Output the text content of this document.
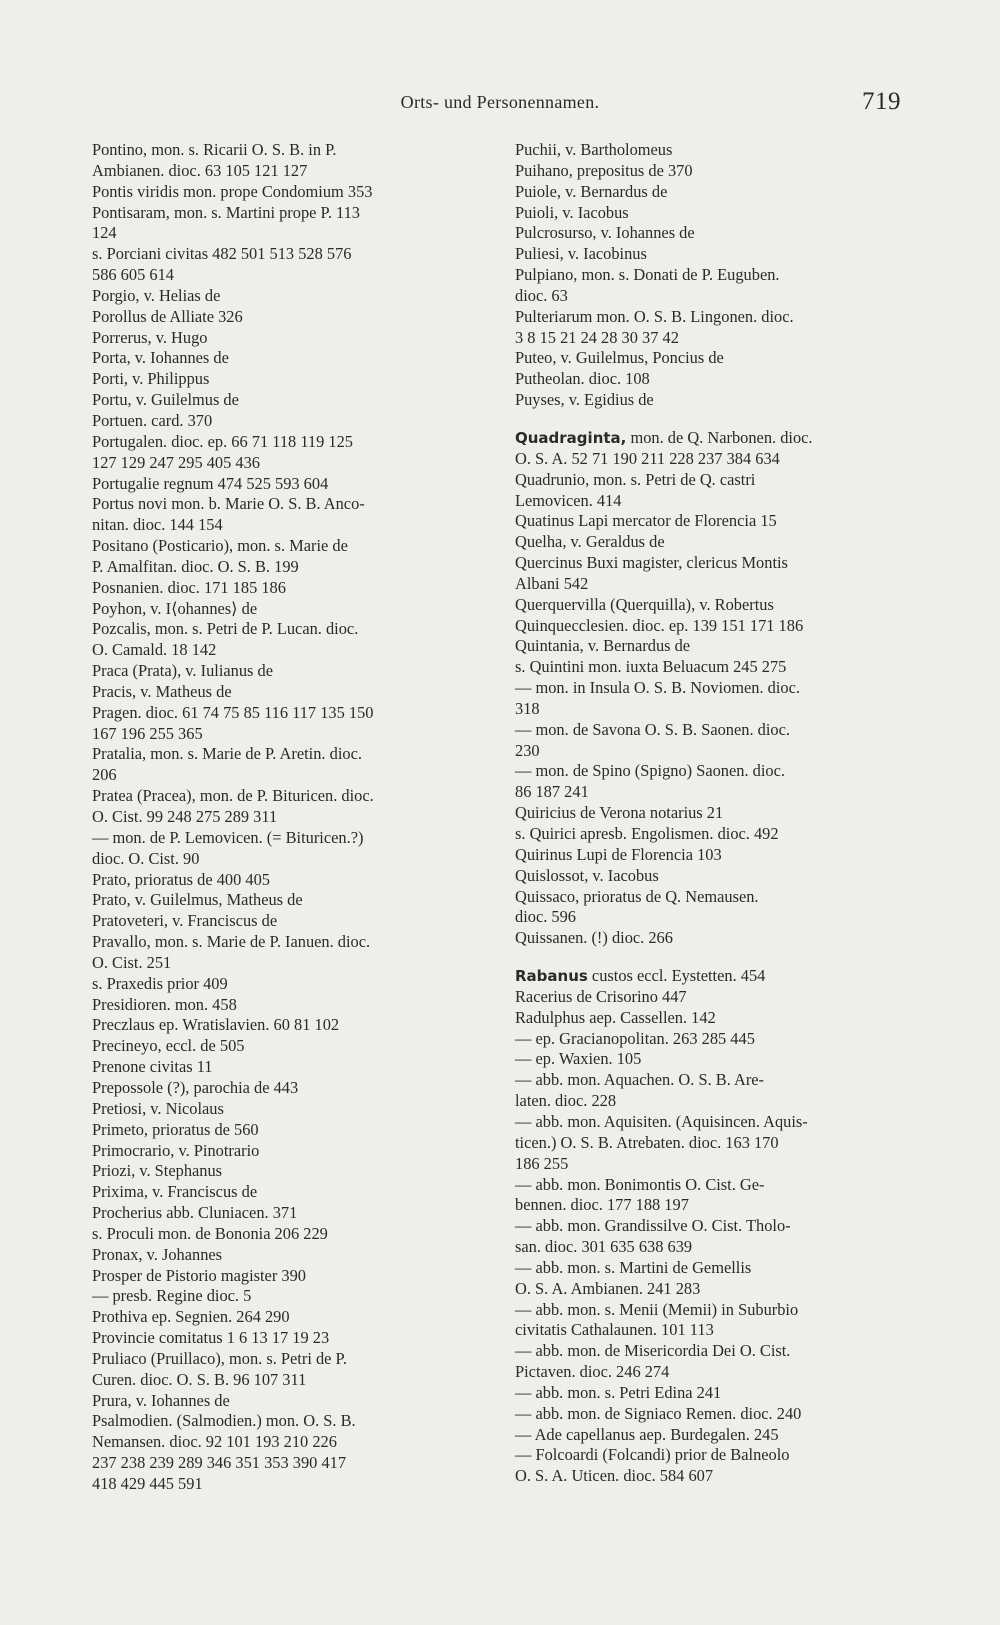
Orts- und Personennamen.	719

Pontino, mon. s. Ricarii O. S. B. in P.
Ambianen. dioc. 63 105 121 127

Pontis viridis mon. prope Condomium 353

Pontisaram, mon. s. Martini prope P. 113
124

s. Porciani civitas 482 501 513 528 576
586 605 614

Porgio, v. Helias de

Porollus de Alliate 326

Porrerus, v. Hugo

Porta, v. Iohannes de

Porti, v. Philippus

Portu, v. Guilelmus de

Portuen. card. 370

Portugalen. dioc. ep. 66 71 118 119 125
127 129 247 295 405 436

Portugalie regnum 474 525 593 604

Portus novi mon. b. Marie O. S. B. Anco-
nitan. dioc. 144 154

Positano (Posticario), mon. s. Marie de
P. Amalfitan. dioc. O. S. B. 199

Posnanien. dioc. 171 185 186

Poyhon, v. I⟨ohannes⟩ de

Pozcalis, mon. s. Petri de P. Lucan. dioc.
O. Camald. 18 142

Praca (Prata), v. Iulianus de

Pracis, v. Matheus de

Pragen. dioc. 61 74 75 85 116 117 135 150
167 196 255 365

Pratalia, mon. s. Marie de P. Aretin. dioc.
206

Pratea (Pracea), mon. de P. Bituricen. dioc.
O. Cist. 99 248 275 289 311

— mon. de P. Lemovicen. (= Bituricen.?)
dioc. O. Cist. 90

Prato, prioratus de 400 405

Prato, v. Guilelmus, Matheus de

Pratoveteri, v. Franciscus de

Pravallo, mon. s. Marie de P. Ianuen. dioc.
O. Cist. 251

s. Praxedis prior 409

Presidioren. mon. 458

Preczlaus ep. Wratislavien. 60 81 102

Precineyo, eccl. de 505

Prenone civitas 11

Prepossole (?), parochia de 443

Pretiosi, v. Nicolaus

Primeto, prioratus de 560

Primocrario, v. Pinotrario

Priozi, v. Stephanus

Prixima, v. Franciscus de

Procherius abb. Cluniacen. 371

s. Proculi mon. de Bononia 206 229

Pronax, v. Johannes

Prosper de Pistorio magister 390

— presb. Regine dioc. 5

Prothiva ep. Segnien. 264 290

Provincie comitatus 1 6 13 17 19 23

Pruliaco (Pruillaco), mon. s. Petri de P.
Curen. dioc. O. S. B. 96 107 311

Prura, v. Iohannes de

Psalmodien. (Salmodien.) mon. O. S. B.
Nemansen. dioc. 92 101 193 210 226
237 238 239 289 346 351 353 390 417
418 429 445 591

Puchii, v. Bartholomeus

Puihano, prepositus de 370

Puiole, v. Bernardus de

Puioli, v. Iacobus

Pulcrosurso, v. Iohannes de

Puliesi, v. Iacobinus

Pulpiano, mon. s. Donati de P. Euguben.
dioc. 63

Pulteriarum mon. O. S. B. Lingonen. dioc.
3 8 15 21 24 28 30 37 42

Puteo, v. Guilelmus, Poncius de

Putheolan. dioc. 108

Puyses, v. Egidius de

Quadraginta, mon. de Q. Narbonen. dioc.
O. S. A. 52 71 190 211 228 237 384 634

Quadrunio, mon. s. Petri de Q. castri
Lemovicen. 414

Quatinus Lapi mercator de Florencia 15

Quelha, v. Geraldus de

Quercinus Buxi magister, clericus Montis
Albani 542

Querquervilla (Querquilla), v. Robertus

Quinquecclesien. dioc. ep. 139 151 171 186

Quintania, v. Bernardus de

s. Quintini mon. iuxta Beluacum 245 275

— mon. in Insula O. S. B. Noviomen. dioc.
318

— mon. de Savona O. S. B. Saonen. dioc.
230

— mon. de Spino (Spigno) Saonen. dioc.
86 187 241

Quiricius de Verona notarius 21

s. Quirici apresb. Engolismen. dioc. 492

Quirinus Lupi de Florencia 103

Quislossot, v. Iacobus

Quissaco, prioratus de Q. Nemausen.
dioc. 596

Quissanen. (!) dioc. 266

Rabanus custos eccl. Eystetten. 454

Racerius de Crisorino 447

Radulphus aep. Cassellen. 142

— ep. Gracianopolitan. 263 285 445

— ep. Waxien. 105

— abb. mon. Aquachen. O. S. B. Are-
laten. dioc. 228

— abb. mon. Aquisiten. (Aquisincen. Aquis-
ticen.) O. S. B. Atrebaten. dioc. 163 170
186 255

— abb. mon. Bonimontis O. Cist. Ge-
bennen. dioc. 177 188 197

— abb. mon. Grandissilve O. Cist. Tholo-
san. dioc. 301 635 638 639

— abb. mon. s. Martini de Gemellis
O. S. A. Ambianen. 241 283

— abb. mon. s. Menii (Memii) in Suburbio
civitatis Cathalaunen. 101 113

— abb. mon. de Misericordia Dei O. Cist.
Pictaven. dioc. 246 274

— abb. mon. s. Petri Edina 241

— abb. mon. de Signiaco Remen. dioc. 240

— Ade capellanus aep. Burdegalen. 245

— Folcoardi (Folcandi) prior de Balneolo
O. S. A. Uticen. dioc. 584 607
